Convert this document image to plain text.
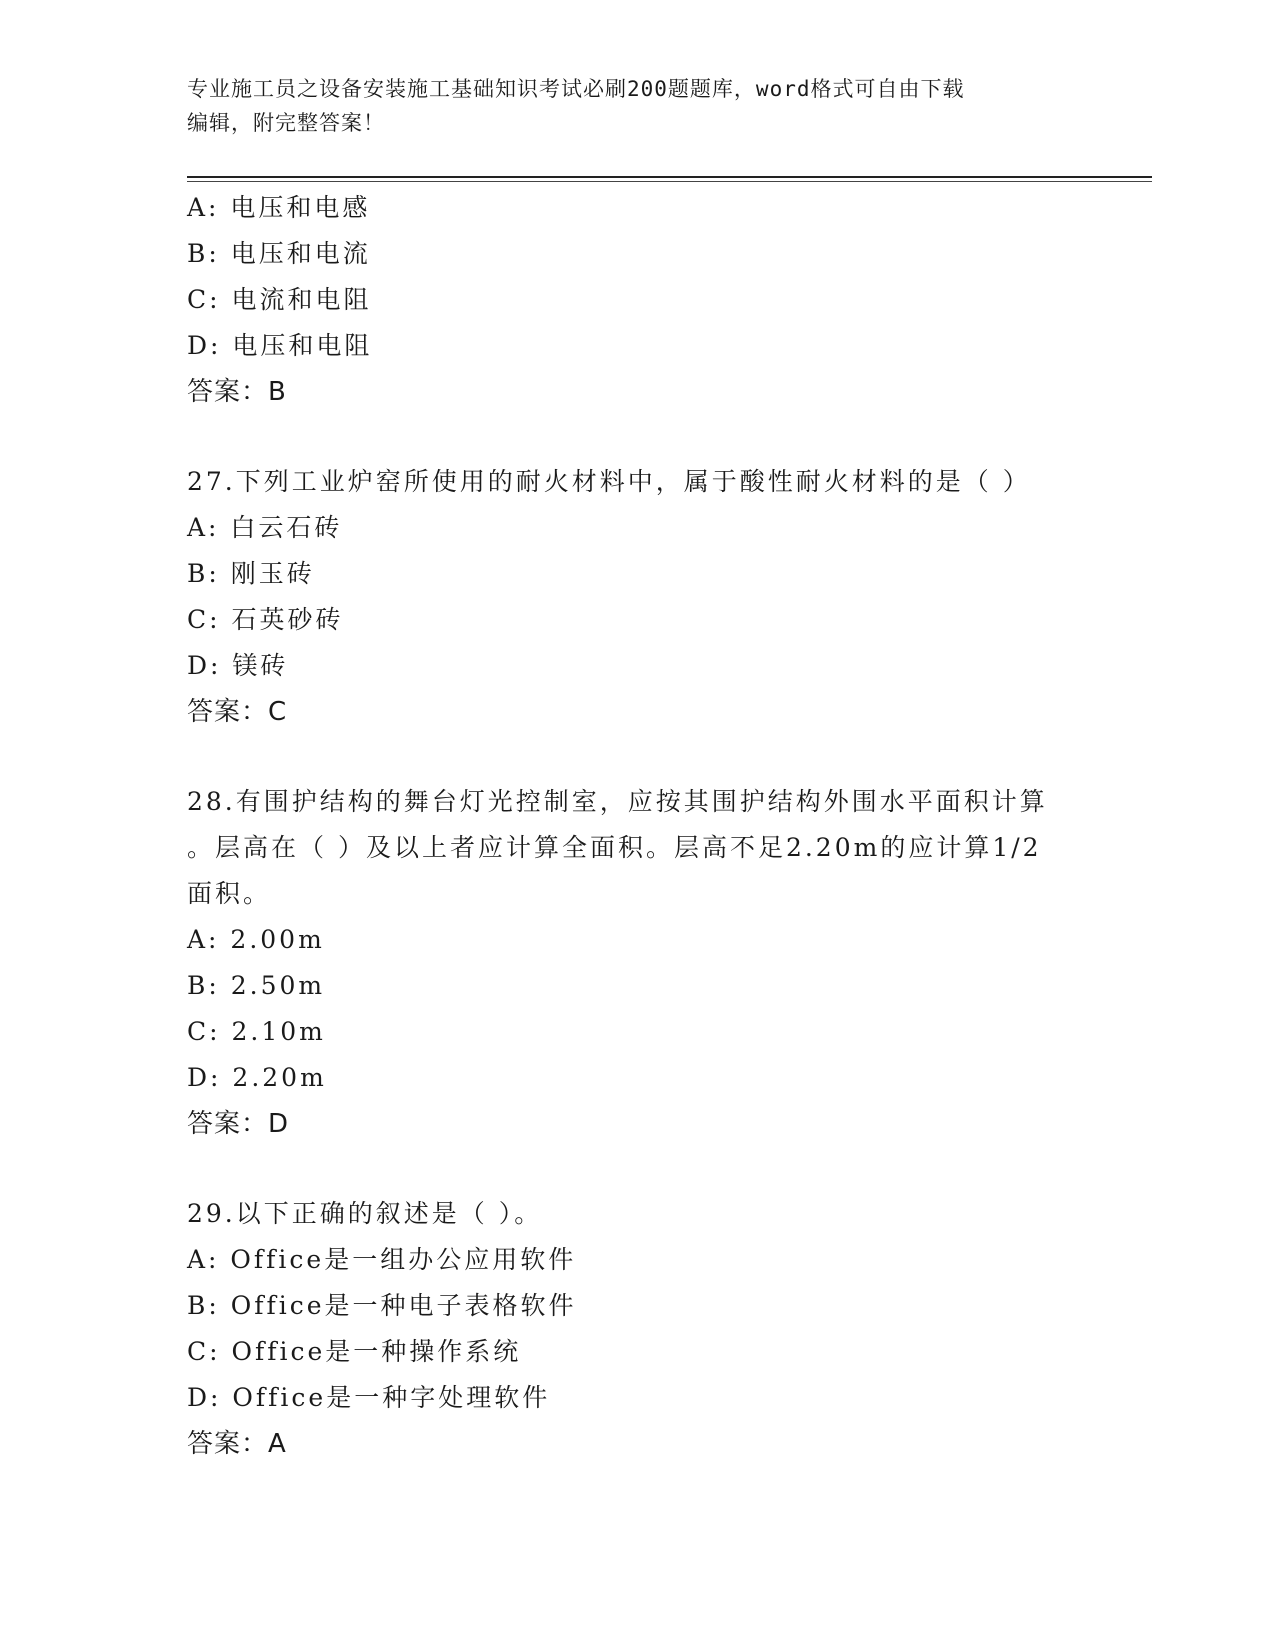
专业施工员之设备安装施工基础知识考试必刷200题题库，word格式可自由下载
编辑，附完整答案！
A: 电压和电感
B: 电压和电流
C: 电流和电阻
D: 电压和电阻
答案：B
27.下列工业炉窑所使用的耐火材料中，属于酸性耐火材料的是（ ）
A: 白云石砖
B: 刚玉砖
C: 石英砂砖
D: 镁砖
答案：C
28.有围护结构的舞台灯光控制室，应按其围护结构外围水平面积计算
。层高在（ ）及以上者应计算全面积。层高不足2.20m的应计算1/2
面积。
A: 2.00m
B: 2.50m
C: 2.10m
D: 2.20m
答案：D
29.以下正确的叙述是（ ）。
A: Office是一组办公应用软件
B: Office是一种电子表格软件
C: Office是一种操作系统
D: Office是一种字处理软件
答案：A
